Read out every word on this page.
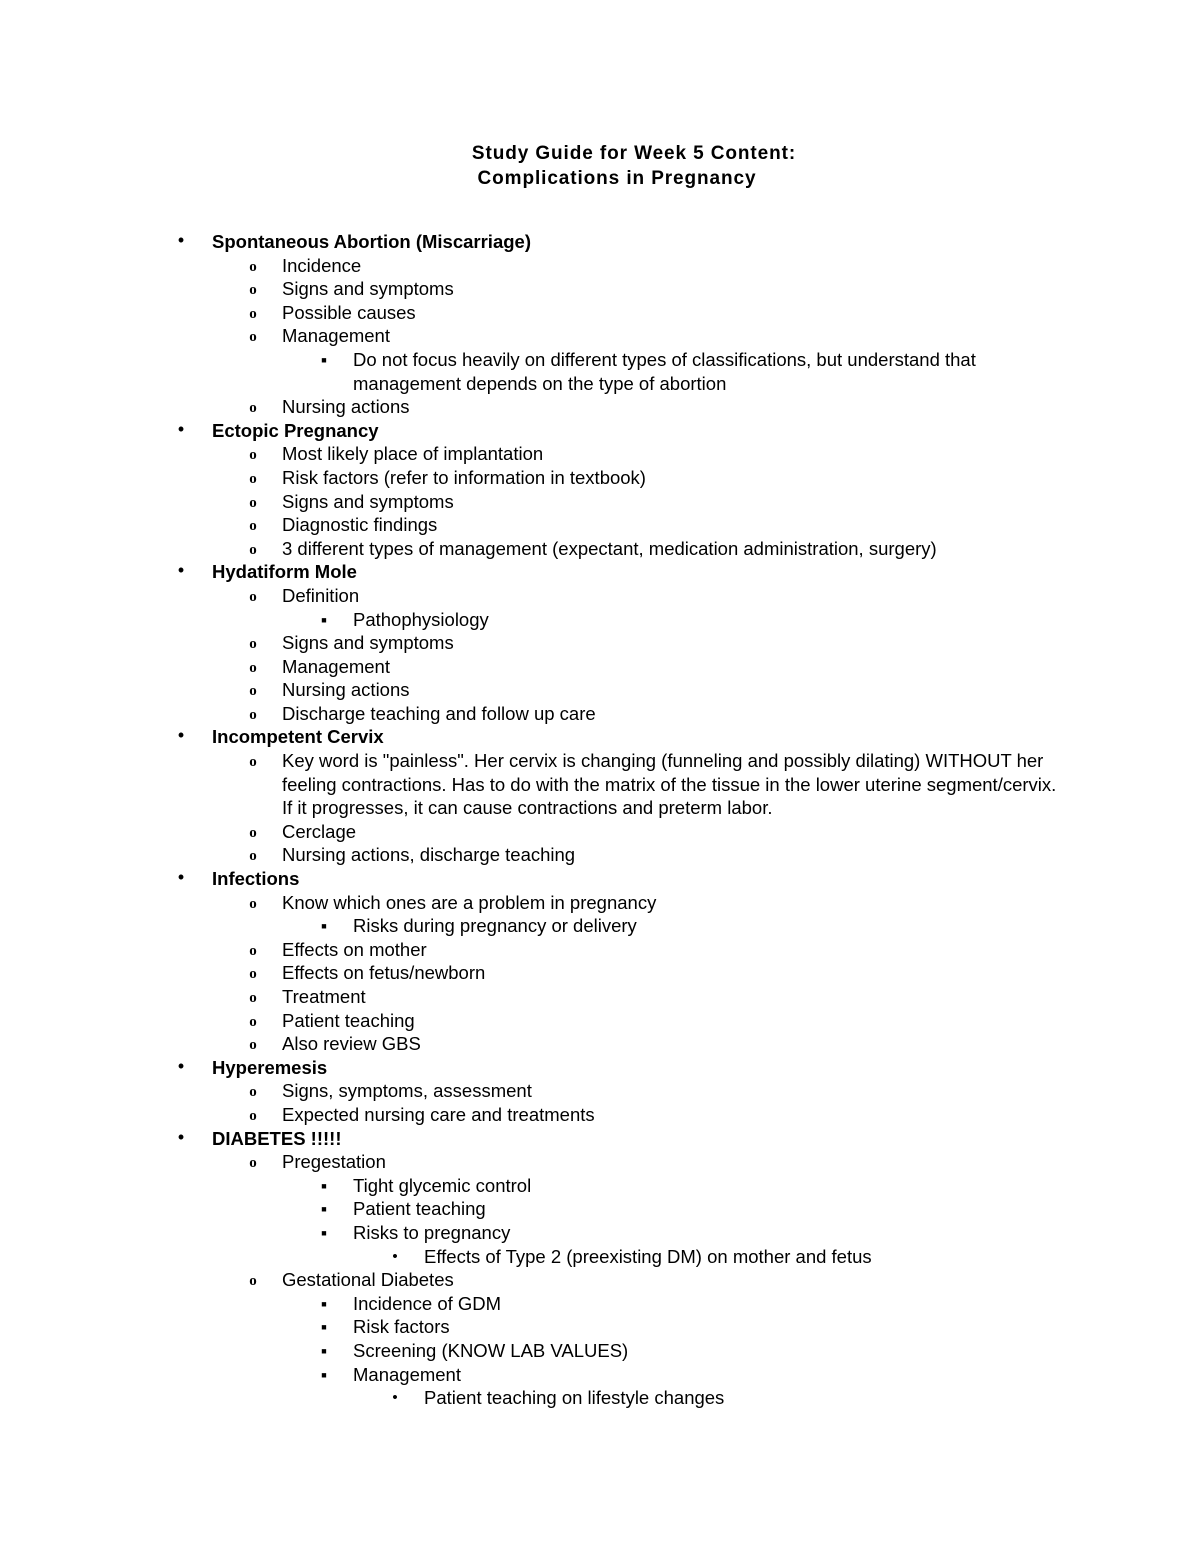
Study Guide for Week 5 Content:
Complications in Pregnancy
•	Spontaneous Abortion (Miscarriage)
o	Incidence
o	Signs and symptoms
o	Possible causes
o	Management
■	Do not focus heavily on different types of classifications, but understand that management depends on the type of abortion
o	Nursing actions
•	Ectopic Pregnancy
o	Most likely place of implantation
o	Risk factors (refer to information in textbook)
o	Signs and symptoms
o	Diagnostic findings
o	3 different types of management (expectant, medication administration, surgery)
•	Hydatiform Mole
o	Definition
■	Pathophysiology
o	Signs and symptoms
o	Management
o	Nursing actions
o	Discharge teaching and follow up care
•	Incompetent Cervix
o	Key word is "painless". Her cervix is changing (funneling and possibly dilating) WITHOUT her feeling contractions. Has to do with the matrix of the tissue in the lower uterine segment/cervix. If it progresses, it can cause contractions and preterm labor.
o	Cerclage
o	Nursing actions, discharge teaching
•	Infections
o	Know which ones are a problem in pregnancy
■	Risks during pregnancy or delivery
o	Effects on mother
o	Effects on fetus/newborn
o	Treatment
o	Patient teaching
o	Also review GBS
•	Hyperemesis
o	Signs, symptoms, assessment
o	Expected nursing care and treatments
•	DIABETES !!!!!
o	Pregestation
■	Tight glycemic control
■	Patient teaching
■	Risks to pregnancy
•	Effects of Type 2 (preexisting DM) on mother and fetus
o	Gestational Diabetes
■	Incidence of GDM
■	Risk factors
■	Screening (KNOW LAB VALUES)
■	Management
•	Patient teaching on lifestyle changes
